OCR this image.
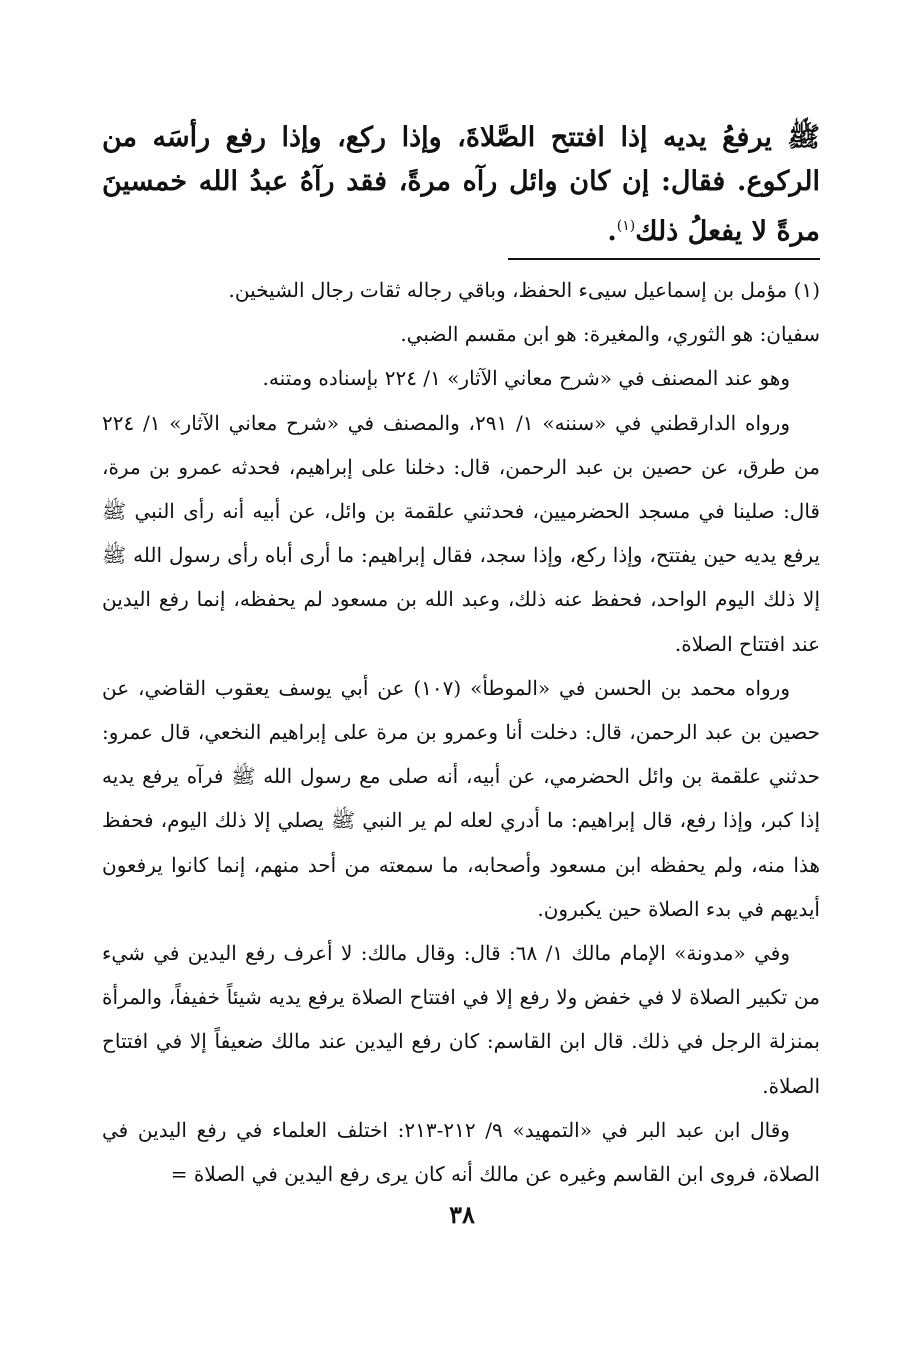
ﷺ يرفعُ يديه إذا افتتح الصَّلاةَ، وإذا ركع، وإذا رفع رأسَه من الركوع. فقال: إن كان وائل رآه مرةً، فقد رآهُ عبدُ الله خمسينَ مرةً لا يفعلُ ذلك$^{(١)}$.

(١) مؤمل بن إسماعيل سيىء الحفظ، وباقي رجاله ثقات رجال الشيخين.

سفيان: هو الثوري، والمغيرة: هو ابن مقسم الضبي.

وهو عند المصنف في «شرح معاني الآثار» ١/ ٢٢٤ بإسناده ومتنه.

ورواه الدارقطني في «سننه» ١/ ٢٩١، والمصنف في «شرح معاني الآثار» ١/ ٢٢٤ من طرق، عن حصين بن عبد الرحمن، قال: دخلنا على إبراهيم، فحدثه عمرو بن مرة، قال: صلينا في مسجد الحضرميين، فحدثني علقمة بن وائل، عن أبيه أنه رأى النبي ﷺ يرفع يديه حين يفتتح، وإذا ركع، وإذا سجد، فقال إبراهيم: ما أرى أباه رأى رسول الله ﷺ إلا ذلك اليوم الواحد، فحفظ عنه ذلك، وعبد الله بن مسعود لم يحفظه، إنما رفع اليدين عند افتتاح الصلاة.

ورواه محمد بن الحسن في «الموطأ» (١٠٧) عن أبي يوسف يعقوب القاضي، عن حصين بن عبد الرحمن، قال: دخلت أنا وعمرو بن مرة على إبراهيم النخعي، قال عمرو: حدثني علقمة بن وائل الحضرمي، عن أبيه، أنه صلى مع رسول الله ﷺ فرآه يرفع يديه إذا كبر، وإذا رفع، قال إبراهيم: ما أدري لعله لم ير النبي ﷺ يصلي إلا ذلك اليوم، فحفظ هذا منه، ولم يحفظه ابن مسعود وأصحابه، ما سمعته من أحد منهم، إنما كانوا يرفعون أيديهم في بدء الصلاة حين يكبرون.

وفي «مدونة» الإمام مالك ١/ ٦٨: قال: وقال مالك: لا أعرف رفع اليدين في شيء من تكبير الصلاة لا في خفض ولا رفع إلا في افتتاح الصلاة يرفع يديه شيئاً خفيفاً، والمرأة بمنزلة الرجل في ذلك. قال ابن القاسم: كان رفع اليدين عند مالك ضعيفاً إلا في افتتاح الصلاة.

وقال ابن عبد البر في «التمهيد» ٩/ ٢١٢-٢١٣: اختلف العلماء في رفع اليدين في الصلاة، فروى ابن القاسم وغيره عن مالك أنه كان يرى رفع اليدين في الصلاة =

٣٨
